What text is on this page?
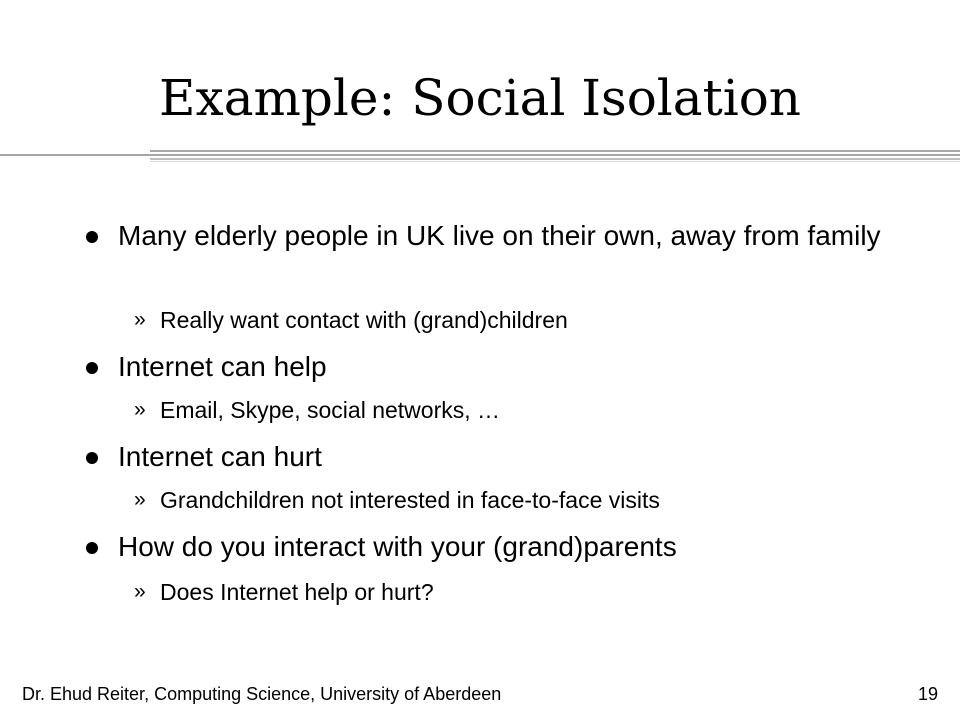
Example: Social Isolation
Many elderly people in UK live on their own, away from family
» Really want contact with (grand)children
Internet can help
» Email, Skype, social networks, …
Internet can hurt
» Grandchildren not interested in face-to-face visits
How do you interact with your (grand)parents
» Does Internet help or hurt?
Dr. Ehud Reiter, Computing Science, University of Aberdeen	19
